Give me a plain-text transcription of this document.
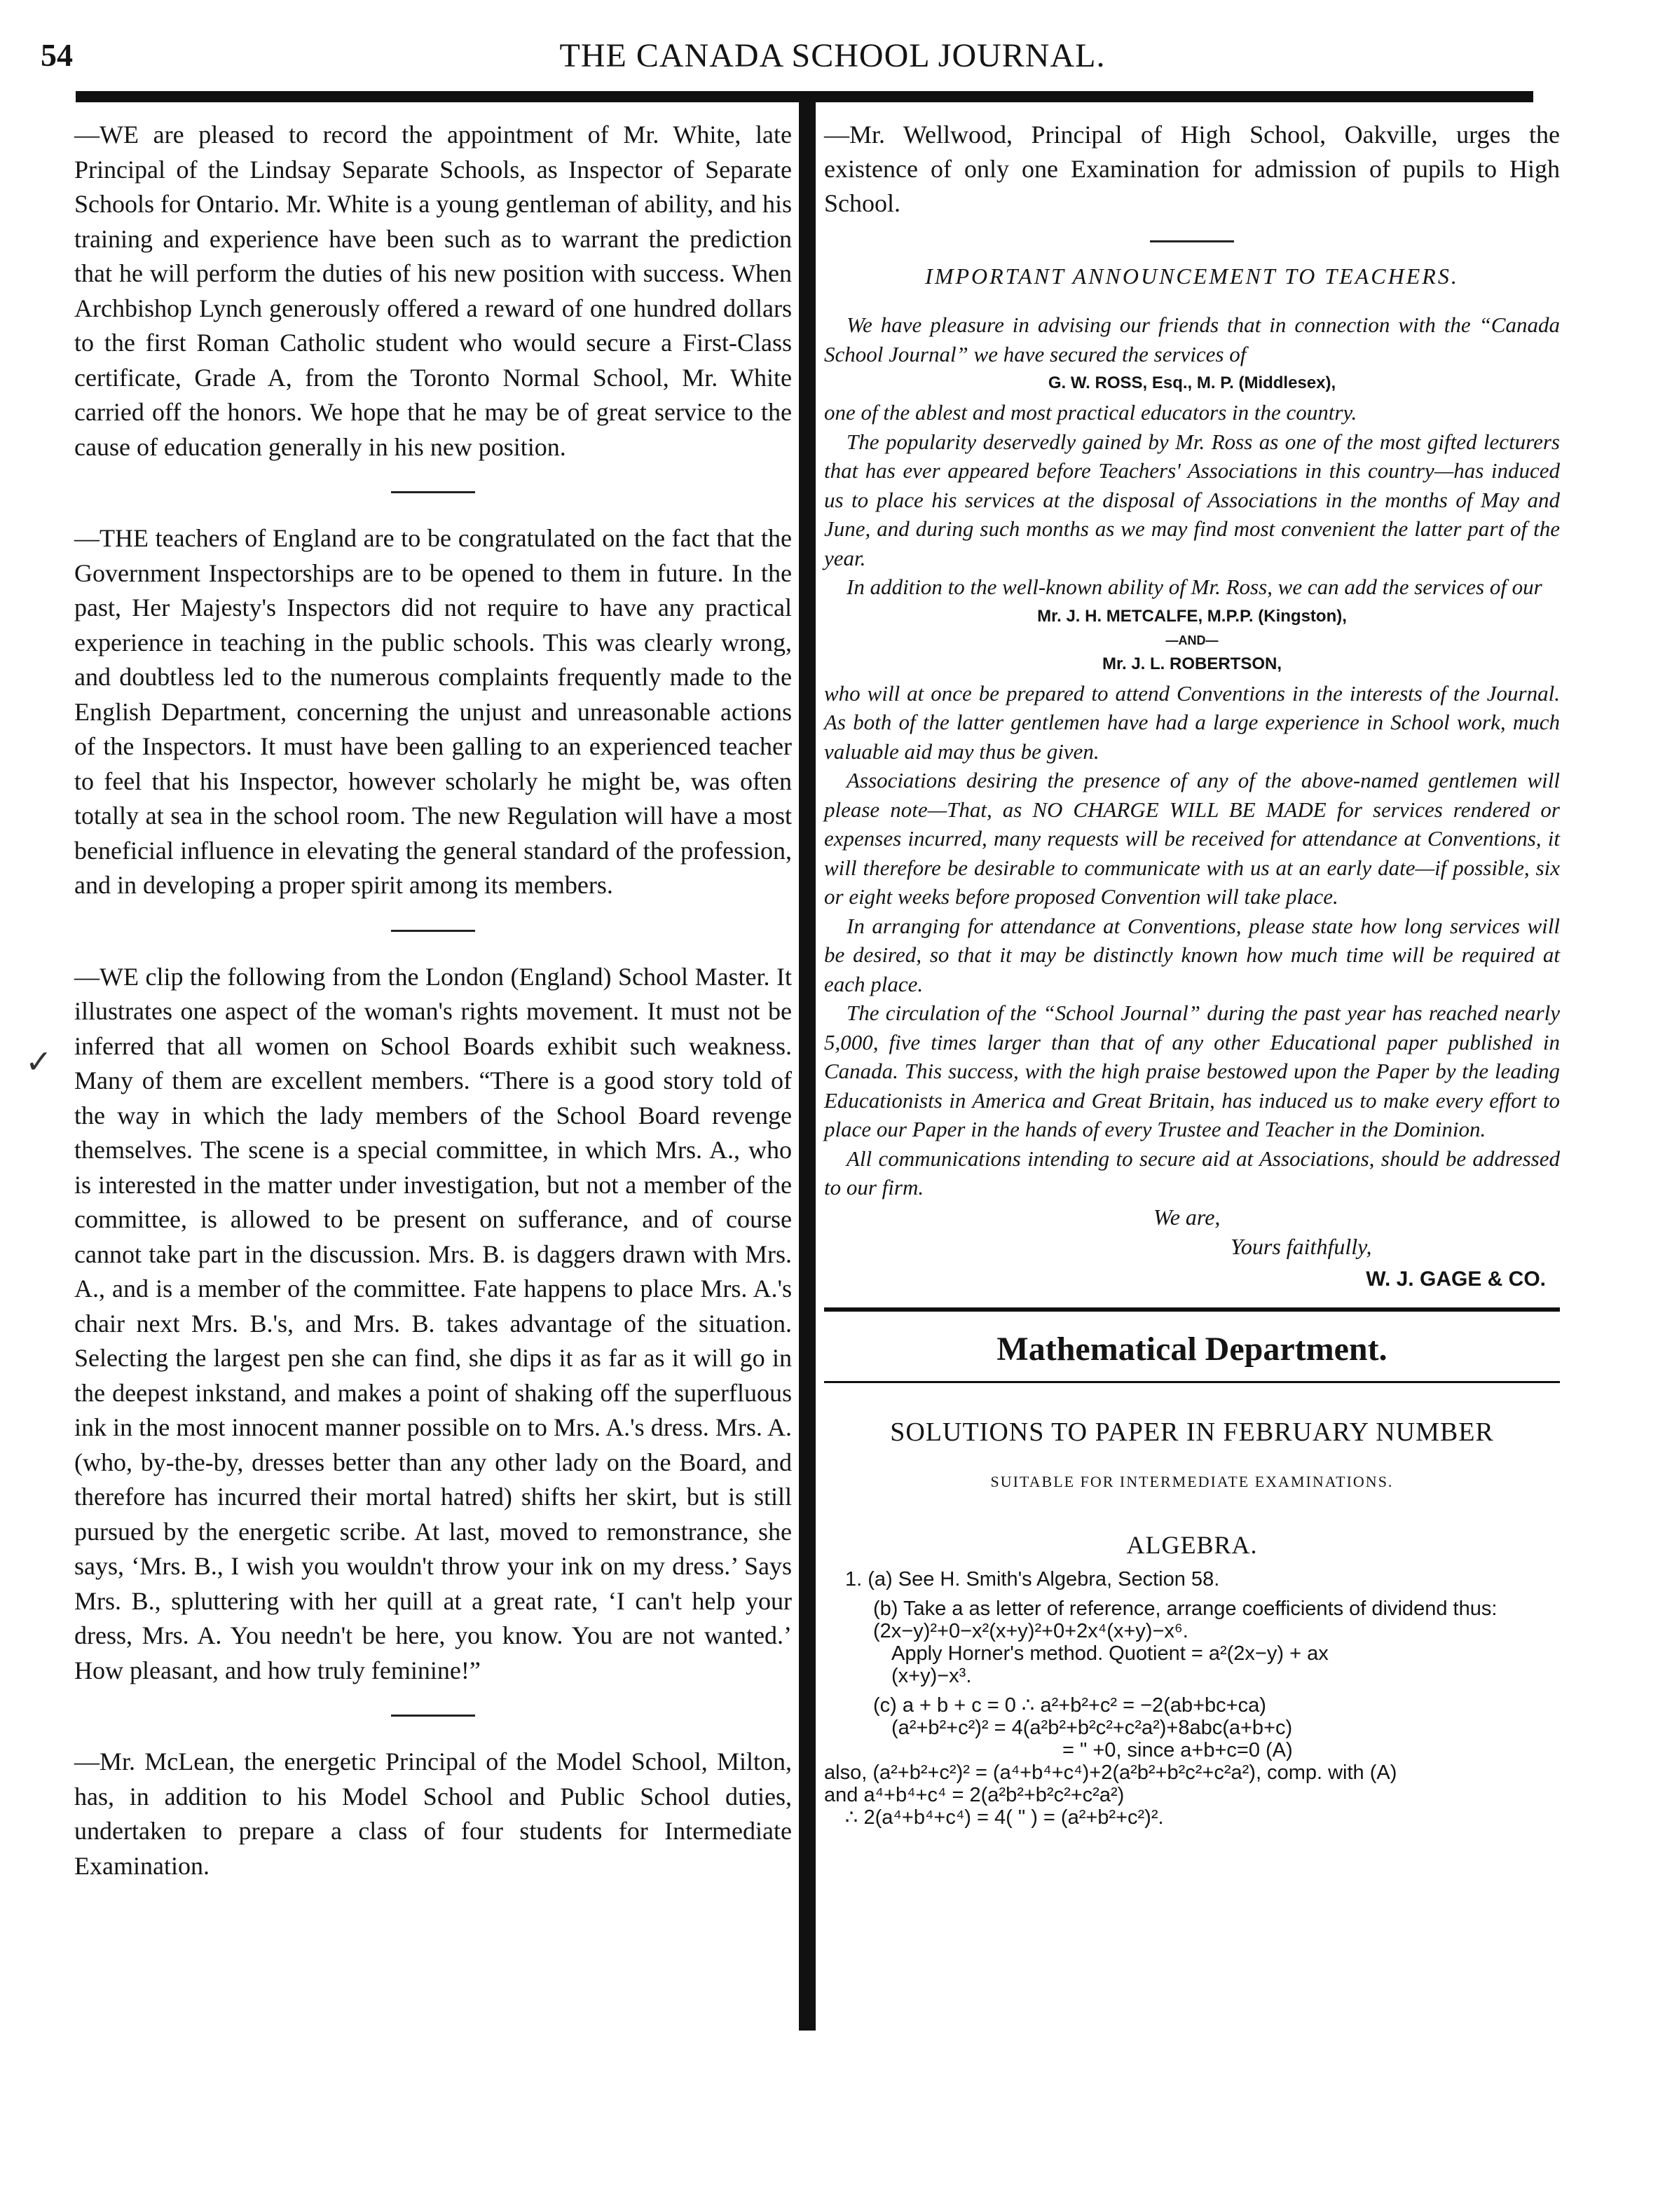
54	THE CANADA SCHOOL JOURNAL.
✓

—WE are pleased to record the appointment of Mr. White, late Principal of the Lindsay Separate Schools, as Inspector of Separate Schools for Ontario. Mr. White is a young gentleman of ability, and his training and experience have been such as to warrant the prediction that he will perform the duties of his new position with success. When Archbishop Lynch generously offered a reward of one hundred dollars to the first Roman Catholic student who would secure a First-Class certificate, Grade A, from the Toronto Normal School, Mr. White carried off the honors. We hope that he may be of great service to the cause of education generally in his new position.

—THE teachers of England are to be congratulated on the fact that the Government Inspectorships are to be opened to them in future. In the past, Her Majesty's Inspectors did not require to have any practical experience in teaching in the public schools. This was clearly wrong, and doubtless led to the numerous complaints frequently made to the English Department, concerning the unjust and unreasonable actions of the Inspectors. It must have been galling to an experienced teacher to feel that his Inspector, however scholarly he might be, was often totally at sea in the school room. The new Regulation will have a most beneficial influence in elevating the general standard of the profession, and in developing a proper spirit among its members.

—WE clip the following from the London (England) School Master. It illustrates one aspect of the woman's rights movement. It must not be inferred that all women on School Boards exhibit such weakness. Many of them are excellent members. “There is a good story told of the way in which the lady members of the School Board revenge themselves. The scene is a special committee, in which Mrs. A., who is interested in the matter under investigation, but not a member of the committee, is allowed to be present on sufferance, and of course cannot take part in the discussion. Mrs. B. is daggers drawn with Mrs. A., and is a member of the committee. Fate happens to place Mrs. A.'s chair next Mrs. B.'s, and Mrs. B. takes advantage of the situation. Selecting the largest pen she can find, she dips it as far as it will go in the deepest inkstand, and makes a point of shaking off the superfluous ink in the most innocent manner possible on to Mrs. A.'s dress. Mrs. A. (who, by-the-by, dresses better than any other lady on the Board, and therefore has incurred their mortal hatred) shifts her skirt, but is still pursued by the energetic scribe. At last, moved to remonstrance, she says, ‘Mrs. B., I wish you wouldn't throw your ink on my dress.’ Says Mrs. B., spluttering with her quill at a great rate, ‘I can't help your dress, Mrs. A. You needn't be here, you know. You are not wanted.’ How pleasant, and how truly feminine!”

—Mr. McLean, the energetic Principal of the Model School, Milton, has, in addition to his Model School and Public School duties, undertaken to prepare a class of four students for Intermediate Examination.

—Mr. Wellwood, Principal of High School, Oakville, urges the existence of only one Examination for admission of pupils to High School.

IMPORTANT ANNOUNCEMENT TO TEACHERS.

We have pleasure in advising our friends that in connection with the “Canada School Journal” we have secured the services of

G. W. ROSS, Esq., M. P. (Middlesex),

one of the ablest and most practical educators in the country.

The popularity deservedly gained by Mr. Ross as one of the most gifted lecturers that has ever appeared before Teachers' Associations in this country—has induced us to place his services at the disposal of Associations in the months of May and June, and during such months as we may find most convenient the latter part of the year.

In addition to the well-known ability of Mr. Ross, we can add the services of our

Mr. J. H. METCALFE, M.P.P. (Kingston),

—AND—

Mr. J. L. ROBERTSON,

who will at once be prepared to attend Conventions in the interests of the Journal. As both of the latter gentlemen have had a large experience in School work, much valuable aid may thus be given.

Associations desiring the presence of any of the above-named gentlemen will please note—That, as NO CHARGE WILL BE MADE for services rendered or expenses incurred, many requests will be received for attendance at Conventions, it will therefore be desirable to communicate with us at an early date—if possible, six or eight weeks before proposed Convention will take place.

In arranging for attendance at Conventions, please state how long services will be desired, so that it may be distinctly known how much time will be required at each place.

The circulation of the “School Journal” during the past year has reached nearly 5,000, five times larger than that of any other Educational paper published in Canada. This success, with the high praise bestowed upon the Paper by the leading Educationists in America and Great Britain, has induced us to make every effort to place our Paper in the hands of every Trustee and Teacher in the Dominion.

All communications intending to secure aid at Associations, should be addressed to our firm.

We are,

Yours faithfully,

W. J. GAGE & CO.

Mathematical Department.
SOLUTIONS TO PAPER IN FEBRUARY NUMBER
SUITABLE FOR INTERMEDIATE EXAMINATIONS.
ALGEBRA.

1. (a) See H. Smith's Algebra, Section 58.

(b) Take a as letter of reference, arrange coefficients of dividend thus: (2x−y)²+0−x²(x+y)²+0+2x⁴(x+y)−x⁶.

Apply Horner's method. Quotient = a²(2x−y) + ax

(x+y)−x³.

(c) a + b + c = 0 ∴ a²+b²+c² = −2(ab+bc+ca)

(a²+b²+c²)² = 4(a²b²+b²c²+c²a²)+8abc(a+b+c)

= " +0, since a+b+c=0 (A)

also, (a²+b²+c²)² = (a⁴+b⁴+c⁴)+2(a²b²+b²c²+c²a²), comp. with (A)

and a⁴+b⁴+c⁴ = 2(a²b²+b²c²+c²a²)

∴ 2(a⁴+b⁴+c⁴) = 4( " ) = (a²+b²+c²)².
